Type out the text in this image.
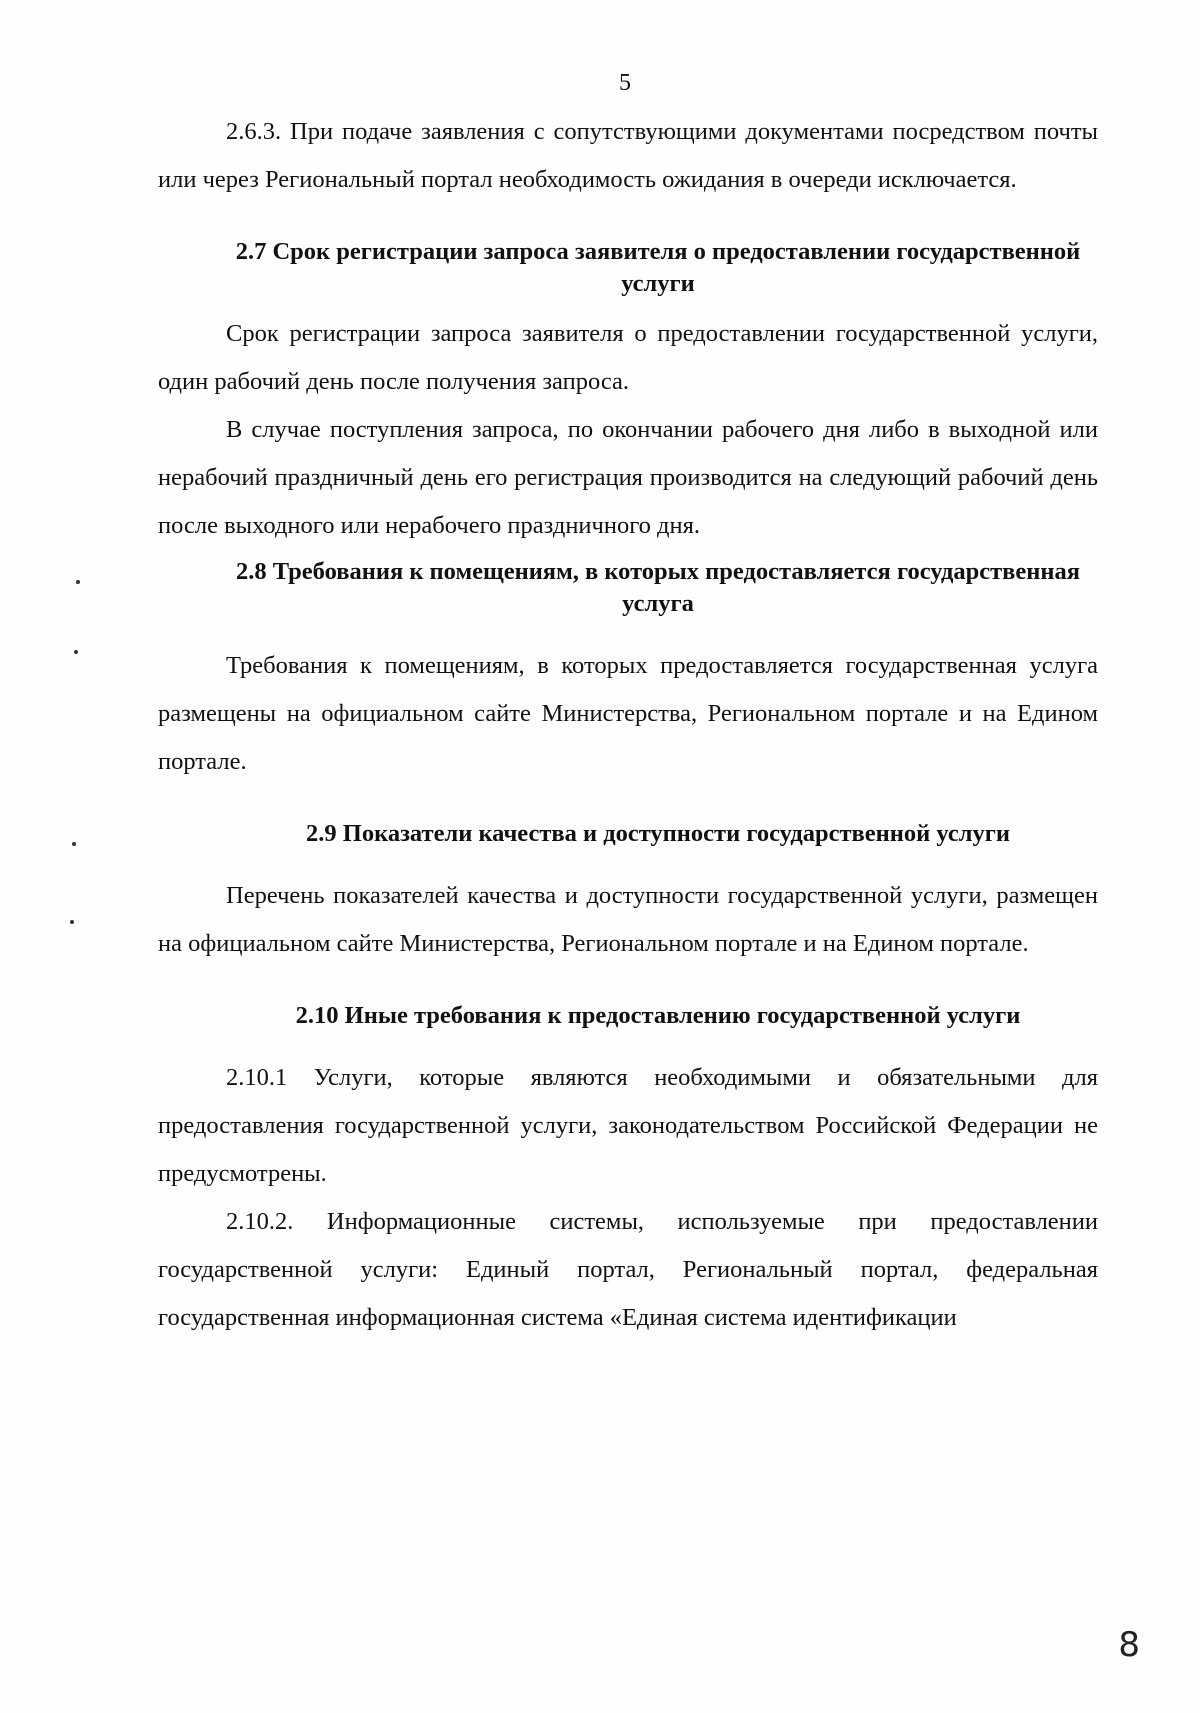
5

2.6.3. При подаче заявления с сопутствующими документами посредством почты или через Региональный портал необходимость ожидания в очереди исключается.

2.7 Срок регистрации запроса заявителя о предоставлении государственной услуги

Срок регистрации запроса заявителя о предоставлении государственной услуги, один рабочий день после получения запроса.

В случае поступления запроса, по окончании рабочего дня либо в выходной или нерабочий праздничный день его регистрация производится на следующий рабочий день после выходного или нерабочего праздничного дня.

2.8 Требования к помещениям, в которых предоставляется государственная услуга

Требования к помещениям, в которых предоставляется государственная услуга размещены на официальном сайте Министерства, Региональном портале и на Едином портале.

2.9 Показатели качества и доступности государственной услуги

Перечень показателей качества и доступности государственной услуги, размещен на официальном сайте Министерства, Региональном портале и на Едином портале.

2.10 Иные требования к предоставлению государственной услуги

2.10.1 Услуги, которые являются необходимыми и обязательными для предоставления государственной услуги, законодательством Российской Федерации не предусмотрены.

2.10.2. Информационные системы, используемые при предоставлении государственной услуги: Единый портал, Региональный портал, федеральная государственная информационная система «Единая система идентификации

8
